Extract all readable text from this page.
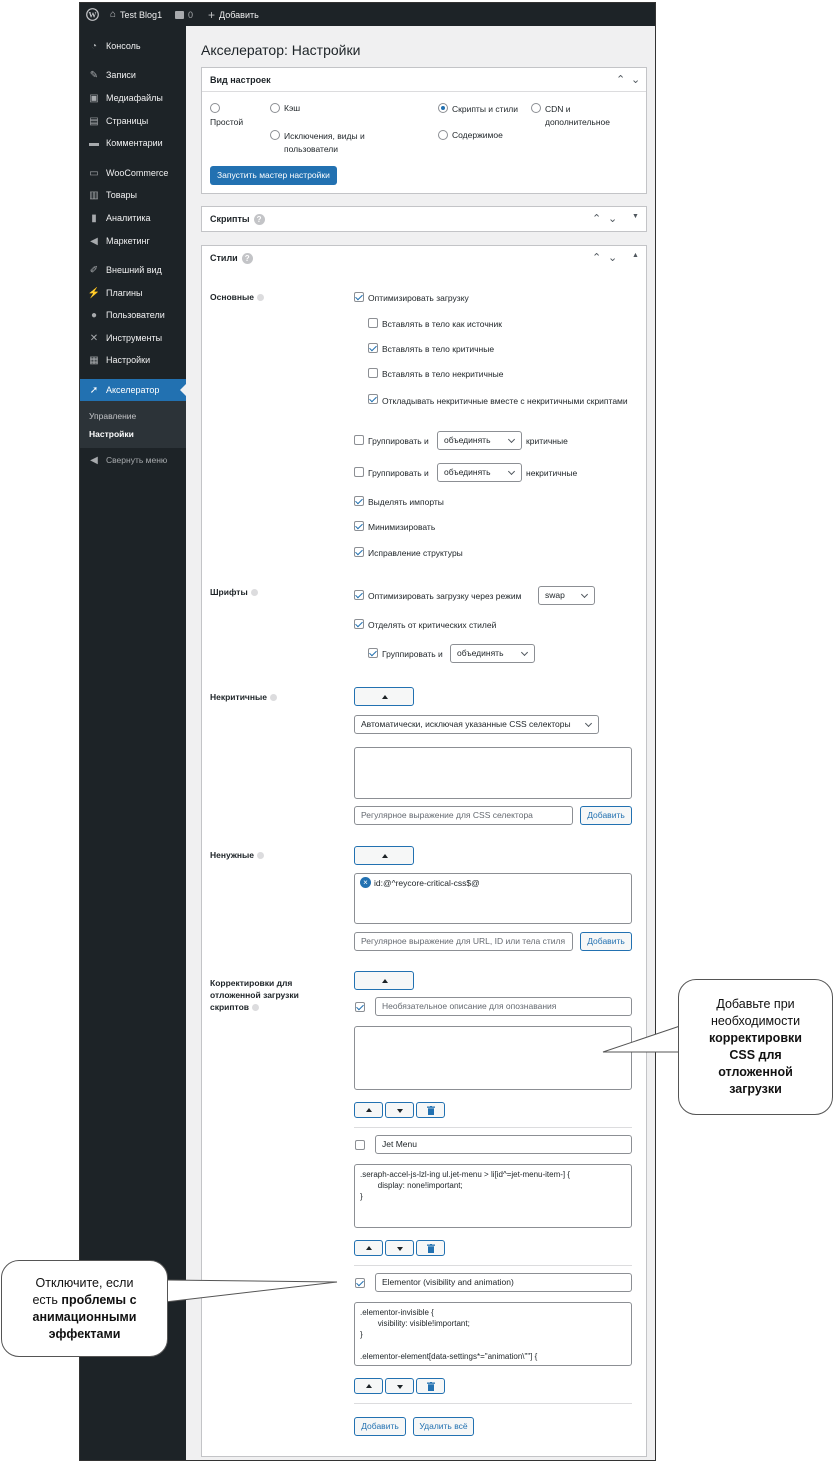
W ⌂ Test Blog1	0 + Добавить
◔ Консоль
✎ Записи
▣ Медиафайлы
▤ Страницы
▬ Комментарии
▭ WooCommerce
▥ Товары
▮	Аналитика
◀ Маркетинг
✐ Внешний вид
⚡ Плагины
● Пользователи
✕ Инструменты
▦ Настройки
➚ Акселератор
Управление
Настройки
◀ Свернуть меню
Акселератор: Настройки
Вид настроек	⌃ ⌄
Простой
Кэш
Исключения, виды и пользователи
Скрипты и стили
Содержимое
CDN и дополнительное
Запустить мастер настройки
Скрипты ?	⌃ ⌄ ▼
Стили ?	⌃ ⌄ ▲
Основные	Оптимизировать загрузку
Вставлять в тело как источник
Вставлять в тело критичные
Вставлять в тело некритичные
Откладывать некритичные вместе с некритичными скриптами
Группировать и	объединять	критичные
Группировать и	объединять	некритичные
Выделять импорты
Минимизировать
Исправление структуры
Шрифты	Оптимизировать загрузку через режим	swap
Отделять от критических стилей
Группировать и	объединять
Некритичные
Автоматически, исключая указанные CSS селекторы
Регулярное выражение для CSS селектора	Добавить
Ненужные
× id:@^reycore-critical-css$@
Регулярное выражение для URL, ID или тела стиля	Добавить
Корректировки для отложенной загрузки скриптов	Необязательное описание для опознавания
Jet Menu
.seraph-accel-js-lzl-ing ul.jet-menu > li[id^=jet-menu-item-] {
display: none!important;
}
Elementor (visibility and animation)
.elementor-invisible {
visibility: visible!important;
}

.elementor-element[data-settings*="animation\""] {
Добавить	Удалить всё
Добавьте при
необходимости
корректировки
CSS для
отложенной
загрузки
Отключите, если
есть проблемы с
анимационными
эффектами
